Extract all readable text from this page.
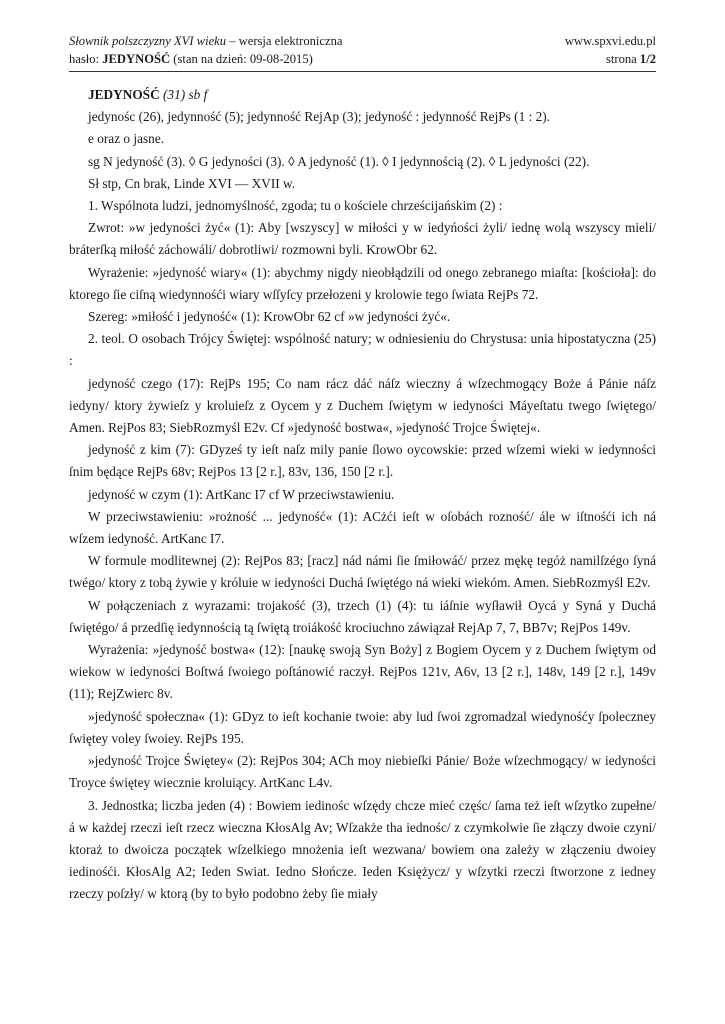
Słownik polszczyzny XVI wieku – wersja elektroniczna	www.spxvi.edu.pl
hasło: JEDYNOŚĆ (stan na dzień: 09-08-2015)	strona 1/2

JEDYNOŚĆ (31) sb f

jedynośc (26), jedynność (5); jedynność RejAp (3); jedyność : jedynność RejPs (1 : 2).

e oraz o jasne.

sg N jedyność (3). ◊ G jedyności (3). ◊ A jedyność (1). ◊ I jedynnością (2). ◊ L jedyności (22).

Sł stp, Cn brak, Linde XVI — XVII w.

1. Wspólnota ludzi, jednomyślność, zgoda; tu o kościele chrześcijańskim (2) :

Zwrot: »w jedyności żyć« (1): Aby [wszyscy] w miłości y w iedyńości żyli/ iednę wolą wszyscy mieli/ bráterſką miłość záchowáli/ dobrotliwi/ rozmowni byli. KrowObr 62.

Wyrażenie: »jedyność wiary« (1): abychmy nigdy nieobłądzili od onego zebranego miaſta: [kościoła]: do ktorego ſie ciſną wiedynnośći wiary wſſyſcy przełozeni y krolowie tego ſwiata RejPs 72.

Szereg: »miłość i jedyność« (1): KrowObr 62 cf »w jedyności żyć«.

2. teol. O osobach Trójcy Świętej: wspólność natury; w odniesieniu do Chrystusa: unia hipostatyczna (25) :

jedyność czego (17): RejPs 195; Co nam rácz dáć náſz wieczny á wſzechmogący Boże á Pánie náſz iedyny/ ktory żywieſz y kroluieſz z Oycem y z Duchem ſwiętym w iedyności Máyeſtatu twego ſwiętego/ Amen. RejPos 83; SiebRozmyśl E2v. Cf »jedyność bostwa«, »jedyność Trojce Świętej«.

jedyność z kim (7): GDyześ ty ieſt naſz mily panie ſlowo oycowskie: przed wſzemi wieki w iedynności ſnim będące RejPs 68v; RejPos 13 [2 r.], 83v, 136, 150 [2 r.].

jedyność w czym (1): ArtKanc I7 cf W przeciwstawieniu.

W przeciwstawieniu: »rożność ... jedyność« (1): ACżći ieſt w oſobách rozność/ ále w iſtnośći ich ná wſzem iedyność. ArtKanc I7.

W formule modlitewnej (2): RejPos 83; [racz] nád námi ſie ſmiłowáć/ przez mękę tegóż namilſzégo ſyná twégo/ ktory z tobą żywie y króluie w iedyności Duchá ſwiętégo ná wieki wiekóm. Amen. SiebRozmyśl E2v.

W połączeniach z wyrazami: trojakość (3), trzech (1) (4): tu iáſnie wyſławił Oycá y Syná y Duchá ſwiętégo/ á przedſię iedynnością tą ſwiętą troiákość krociuchno záwiązał RejAp 7, 7, BB7v; RejPos 149v.

Wyrażenia: »jedyność bostwa« (12): [naukę swoją Syn Boży] z Bogiem Oycem y z Duchem ſwiętym od wiekow w iedyności Boſtwá ſwoiego poſtánowić raczył. RejPos 121v, A6v, 13 [2 r.], 148v, 149 [2 r.], 149v (11); RejZwierc 8v.

»jedyność społeczna« (1): GDyz to ieſt kochanie twoie: aby lud ſwoi zgromadzal wiedynośćy ſpoleczney ſwiętey voley ſwoiey. RejPs 195.

»jedyność Trojce Świętey« (2): RejPos 304; ACh moy niebieſki Pánie/ Boże wſzechmogący/ w iedyności Troyce świętey wiecznie kroluiący. ArtKanc L4v.

3. Jednostka; liczba jeden (4) : Bowiem iedinośc wſzędy chcze mieć częśc/ ſama też ieſt wſzytko zupełne/ á w każdej rzeczi ieſt rzecz wieczna KłosAlg Av; Wſzakże tha iednośc/ z czymkolwie ſie złączy dwoie czyni/ ktoraż to dwoicza początek wſzelkiego mnożenia ieſt wezwana/ bowiem ona zależy w złączeniu dwoiey iedinośći. KłosAlg A2; Ieden Swiat. Iedno Słończe. Ieden Księżycz/ y wſzytki rzeczi ſtworzone z iedney rzeczy poſzły/ w ktorą (by to było podobno żeby ſie miały
